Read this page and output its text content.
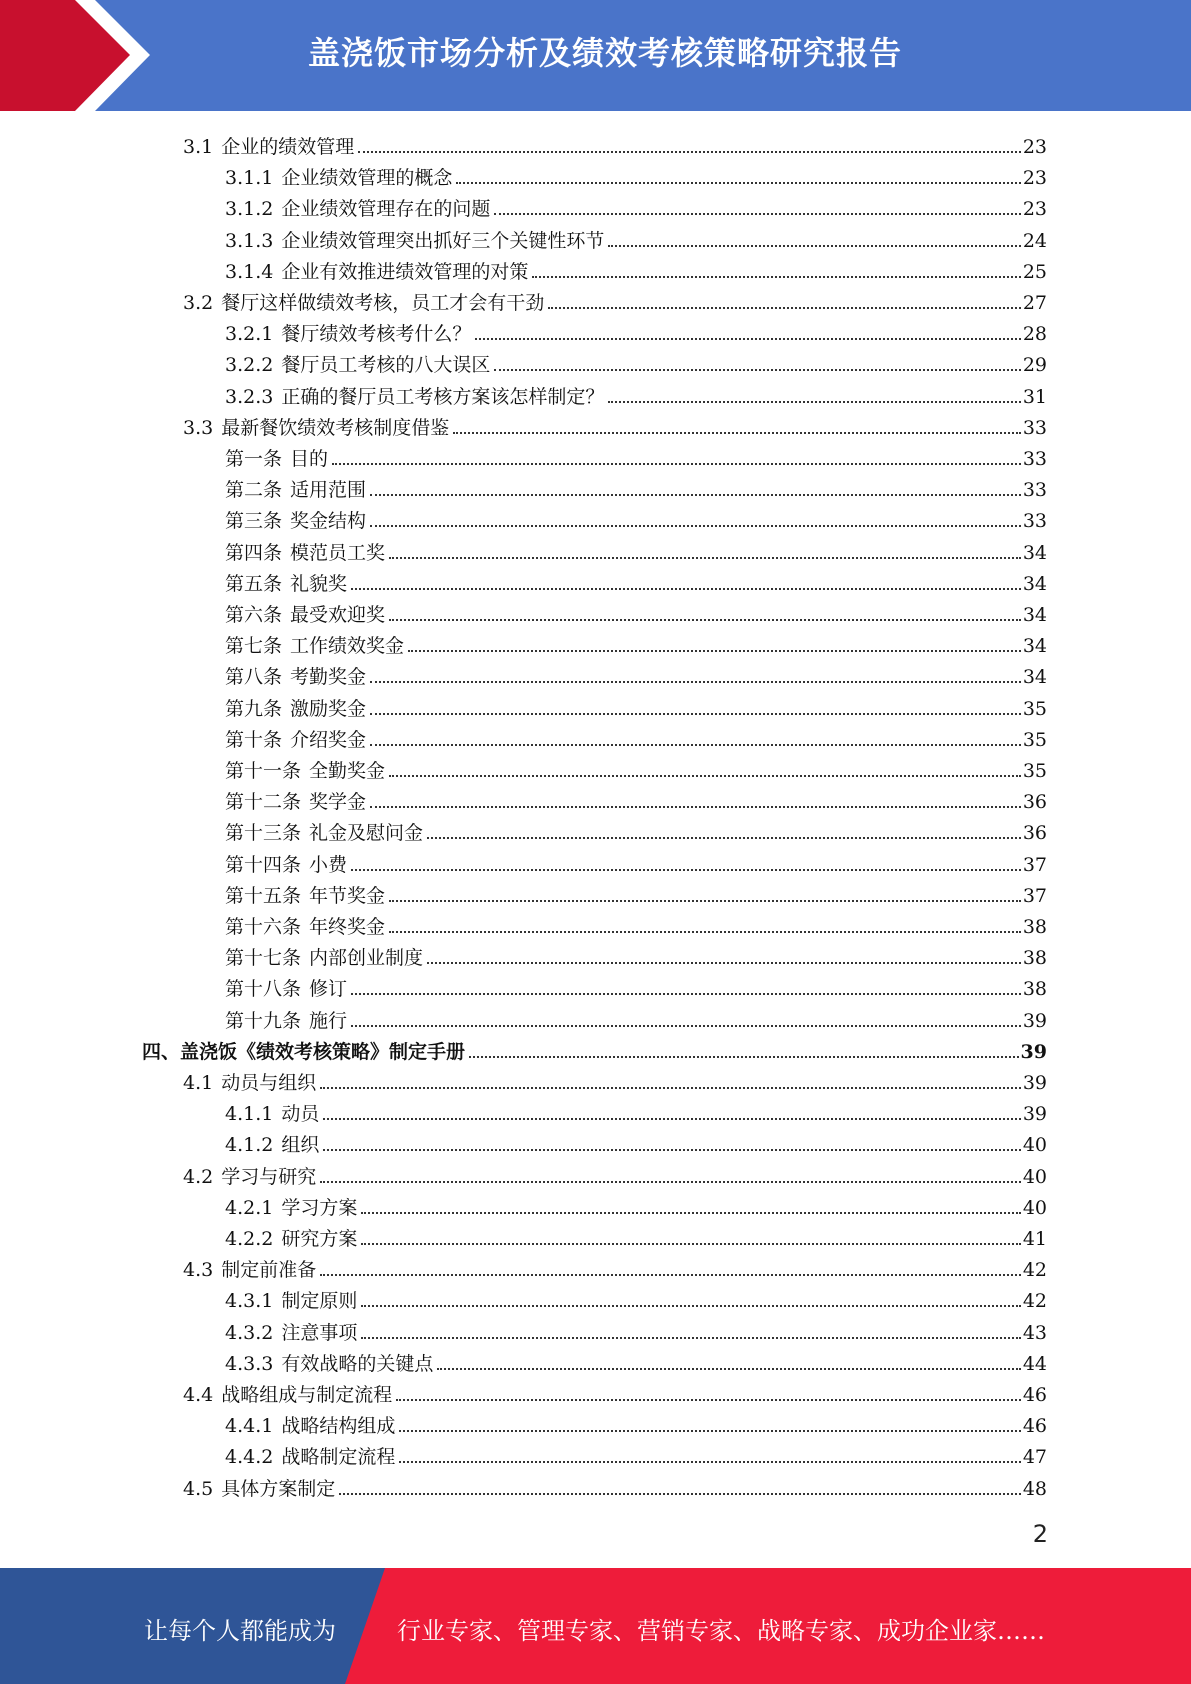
盖浇饭市场分析及绩效考核策略研究报告
3.1 企业的绩效管理	23
3.1.1 企业绩效管理的概念	23
3.1.2 企业绩效管理存在的问题	23
3.1.3 企业绩效管理突出抓好三个关键性环节	24
3.1.4 企业有效推进绩效管理的对策	25
3.2 餐厅这样做绩效考核，员工才会有干劲	27
3.2.1 餐厅绩效考核考什么？	28
3.2.2 餐厅员工考核的八大误区	29
3.2.3 正确的餐厅员工考核方案该怎样制定？	31
3.3 最新餐饮绩效考核制度借鉴	33
第一条 目的	33
第二条 适用范围	33
第三条 奖金结构	33
第四条 模范员工奖	34
第五条 礼貌奖	34
第六条 最受欢迎奖	34
第七条 工作绩效奖金	34
第八条 考勤奖金	34
第九条 激励奖金	35
第十条 介绍奖金	35
第十一条 全勤奖金	35
第十二条 奖学金	36
第十三条 礼金及慰问金	36
第十四条 小费	37
第十五条 年节奖金	37
第十六条 年终奖金	38
第十七条 内部创业制度	38
第十八条 修订	38
第十九条 施行	39
四、盖浇饭《绩效考核策略》制定手册	39
4.1 动员与组织	39
4.1.1 动员	39
4.1.2 组织	40
4.2 学习与研究	40
4.2.1 学习方案	40
4.2.2 研究方案	41
4.3 制定前准备	42
4.3.1 制定原则	42
4.3.2 注意事项	43
4.3.3 有效战略的关键点	44
4.4 战略组成与制定流程	46
4.4.1 战略结构组成	46
4.4.2 战略制定流程	47
4.5 具体方案制定	48
2
让每个人都能成为	行业专家、管理专家、营销专家、战略专家、成功企业家……
